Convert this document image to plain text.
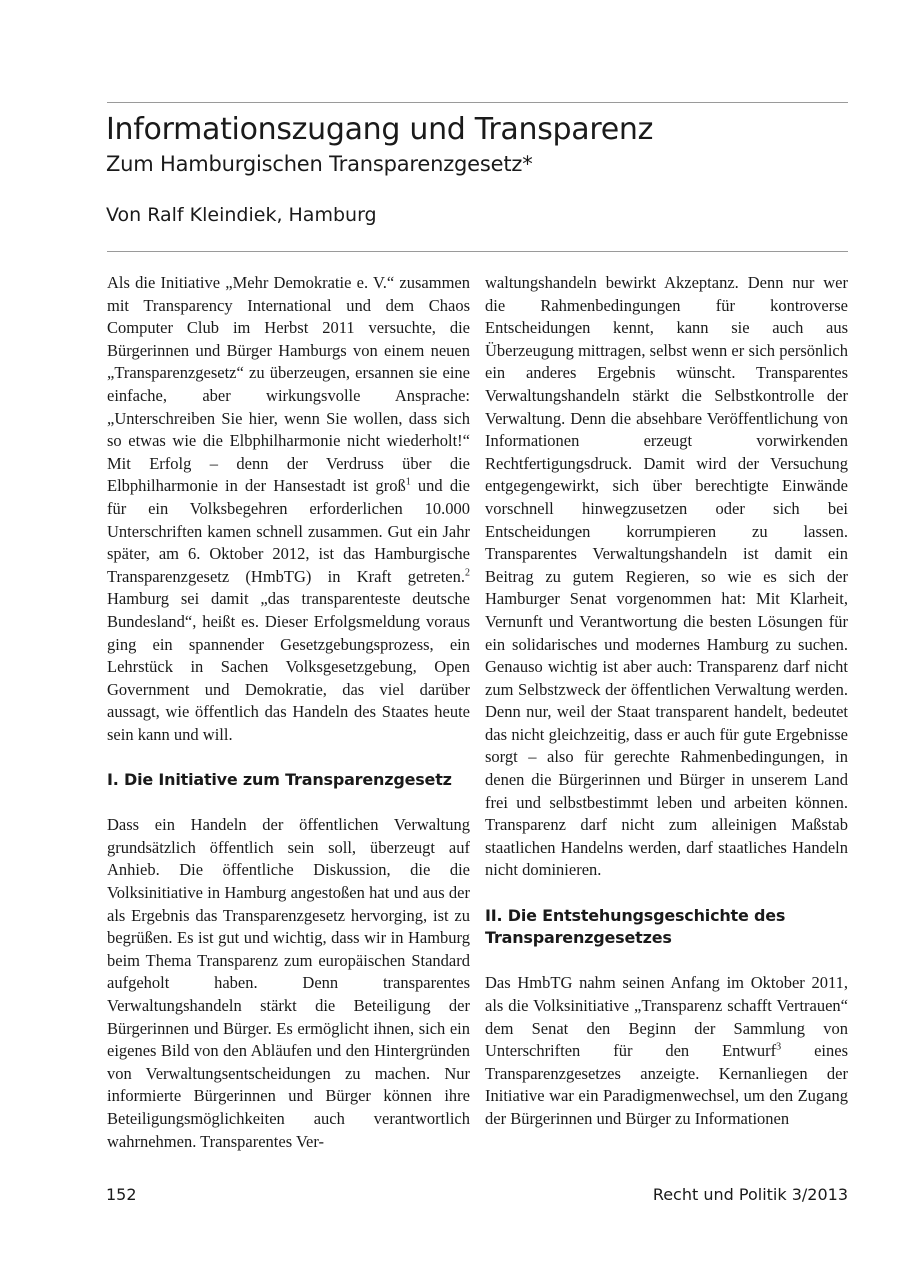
Informationszugang und Transparenz
Zum Hamburgischen Transparenzgesetz*
Von Ralf Kleindiek, Hamburg

Als die Initiative „Mehr Demokratie e. V.“ zusammen mit Transparency International und dem Chaos Computer Club im Herbst 2011 versuchte, die Bürgerinnen und Bürger Hamburgs von einem neuen „Transparenzgesetz“ zu überzeugen, ersannen sie eine einfache, aber wirkungsvolle Ansprache: „Unterschreiben Sie hier, wenn Sie wollen, dass sich so etwas wie die Elbphilharmonie nicht wiederholt!“ Mit Erfolg – denn der Verdruss über die Elbphilharmonie in der Hansestadt ist groß$^1$ und die für ein Volksbegehren erforderlichen 10.000 Unterschriften kamen schnell zusammen. Gut ein Jahr später, am 6. Oktober 2012, ist das Hamburgische Transparenzgesetz (HmbTG) in Kraft getreten.$^2$ Hamburg sei damit „das transparenteste deutsche Bundesland“, heißt es. Dieser Erfolgsmeldung voraus ging ein spannender Gesetzgebungsprozess, ein Lehrstück in Sachen Volksgesetzgebung, Open Government und Demokratie, das viel darüber aussagt, wie öffentlich das Handeln des Staates heute sein kann und will.

I. Die Initiative zum Transparenzgesetz

Dass ein Handeln der öffentlichen Verwaltung grundsätzlich öffentlich sein soll, überzeugt auf Anhieb. Die öffentliche Diskussion, die die Volksinitiative in Hamburg angestoßen hat und aus der als Ergebnis das Transparenzgesetz hervorging, ist zu begrüßen. Es ist gut und wichtig, dass wir in Hamburg beim Thema Transparenz zum europäischen Standard aufgeholt haben. Denn transparentes Verwaltungshandeln stärkt die Beteiligung der Bürgerinnen und Bürger. Es ermöglicht ihnen, sich ein eigenes Bild von den Abläufen und den Hintergründen von Verwaltungsentscheidungen zu machen. Nur informierte Bürgerinnen und Bürger können ihre Beteiligungsmöglichkeiten auch verantwortlich wahrnehmen. Transparentes Ver-

waltungshandeln bewirkt Akzeptanz. Denn nur wer die Rahmenbedingungen für kontroverse Entscheidungen kennt, kann sie auch aus Überzeugung mittragen, selbst wenn er sich persönlich ein anderes Ergebnis wünscht. Transparentes Verwaltungshandeln stärkt die Selbstkontrolle der Verwaltung. Denn die absehbare Veröffentlichung von Informationen erzeugt vorwirkenden Rechtfertigungsdruck. Damit wird der Versuchung entgegengewirkt, sich über berechtigte Einwände vorschnell hinwegzusetzen oder sich bei Entscheidungen korrumpieren zu lassen. Transparentes Verwaltungshandeln ist damit ein Beitrag zu gutem Regieren, so wie es sich der Hamburger Senat vorgenommen hat: Mit Klarheit, Vernunft und Verantwortung die besten Lösungen für ein solidarisches und modernes Hamburg zu suchen. Genauso wichtig ist aber auch: Transparenz darf nicht zum Selbstzweck der öffentlichen Verwaltung werden. Denn nur, weil der Staat transparent handelt, bedeutet das nicht gleichzeitig, dass er auch für gute Ergebnisse sorgt – also für gerechte Rahmenbedingungen, in denen die Bürgerinnen und Bürger in unserem Land frei und selbstbestimmt leben und arbeiten können. Transparenz darf nicht zum alleinigen Maßstab staatlichen Handelns werden, darf staatliches Handeln nicht dominieren.

II. Die Entstehungsgeschichte des Transparenzgesetzes

Das HmbTG nahm seinen Anfang im Oktober 2011, als die Volksinitiative „Transparenz schafft Vertrauen“ dem Senat den Beginn der Sammlung von Unterschriften für den Entwurf$^3$ eines Transparenzgesetzes anzeigte. Kernanliegen der Initiative war ein Paradigmenwechsel, um den Zugang der Bürgerinnen und Bürger zu Informationen

152	Recht und Politik 3/2013
